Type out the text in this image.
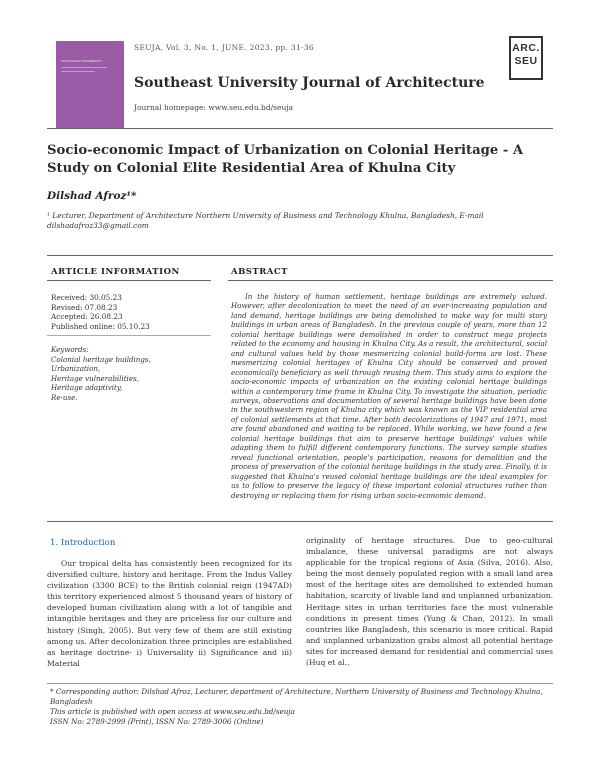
SOUTHEAST UNIVERSITY
SEUJA, Vol. 3, No. 1, JUNE. 2023, pp. 31-36
Southeast University Journal of Architecture
Journal homepage: www.seu.edu.bd/seuja
ARC.
SEU
Socio-economic Impact of Urbanization on Colonial Heritage - A Study on Colonial Elite Residential Area of Khulna City
Dilshad Afroz¹*
¹ Lecturer, Department of Architecture Northern University of Business and Technology Khulna, Bangladesh, E-mail dilshadafroz33@gmail.com
ARTICLE INFORMATION
Received: 30.05.23
Revised: 07.08.23
Accepted: 26.08.23
Published online: 05.10.23
Keywords:
Colonial heritage buildings,
Urbanization,
Heritage vulnerabilities,
Heritage adaptivity,
Re-use.
ABSTRACT
In the history of human settlement, heritage buildings are extremely valued. However, after decolonization to meet the need of an ever-increasing population and land demand, heritage buildings are being demolished to make way for multi story buildings in urban areas of Bangladesh. In the previous couple of years, more than 12 colonial heritage buildings were demolished in order to construct mega projects related to the economy and housing in Khulna City. As a result, the architectural, social and cultural values held by those mesmerizing colonial build-forms are lost. These mesmerizing colonial heritages of Khulna City should be conserved and proved economically beneficiary as well through reusing them. This study aims to explore the socio-economic impacts of urbanization on the existing colonial heritage buildings within a contemporary time frame in Khulna City. To investigate the situation, periodic surveys, observations and documentation of several heritage buildings have been done in the southwestern region of Khulna city which was known as the VIP residential area of colonial settlements at that time. After both decolorizations of 1947 and 1971, most are found abandoned and waiting to be replaced. While working, we have found a few colonial heritage buildings that aim to preserve heritage buildings' values while adapting them to fulfill different contemporary functions. The survey sample studies reveal functional orientation, people's participation, reasons for demolition and the process of preservation of the colonial heritage buildings in the study area. Finally, it is suggested that Khulna's reused colonial heritage buildings are the ideal examples for us to follow to preserve the legacy of these important colonial structures rather than destroying or replacing them for rising urban socio-economic demand.
1. Introduction
Our tropical delta has consistently been recognized for its diversified culture, history and heritage. From the Indus Valley civilization (3300 BCE) to the British colonial reign (1947AD) this territory experienced almost 5 thousand years of history of developed human civilization along with a lot of tangible and intangible heritages and they are priceless for our culture and history (Singh, 2005). But very few of them are still existing among us. After decolonization three principles are established as heritage doctrine- i) Universality ii) Significance and iii) Material
originality of heritage structures. Due to geo-cultural imbalance, these universal paradigms are not always applicable for the tropical regions of Asia (Silva, 2016). Also, being the most densely populated region with a small land area most of the heritage sites are demolished to extended human habitation, scarcity of livable land and unplanned urbanization. Heritage sites in urban territories face the most vulnerable conditions in present times (Yung & Chan, 2012). In small countries like Bangladesh, this scenario is more critical. Rapid and unplanned urbanization grabs almost all potential heritage sites for increased demand for residential and commercial uses (Huq et al.,
* Corresponding author: Dilshad Afroz, Lecturer, department of Architecture, Northern University of Business and Technology Khulna, Bangladesh
This article is published with open access at www.seu.edu.bd/seuja
ISSN No: 2789-2999 (Print), ISSN No: 2789-3006 (Online)
